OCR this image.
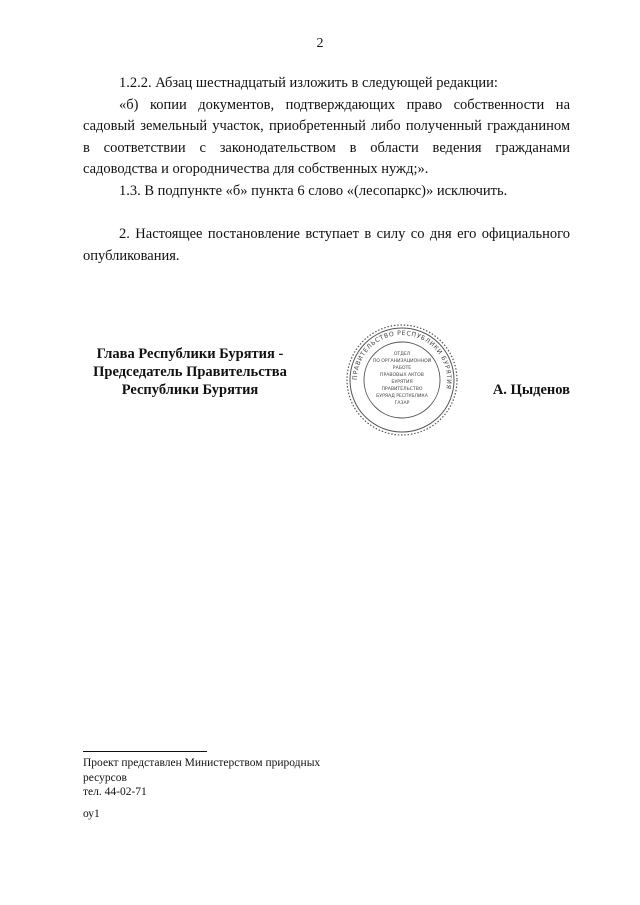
2

1.2.2. Абзац шестнадцатый изложить в следующей редакции:

«б) копии документов, подтверждающих право собственности на садовый земельный участок, приобретенный либо полученный гражданином в соответствии с законодательством в области ведения гражданами садоводства и огородничества для собственных нужд;».

1.3. В подпункте «б» пункта 6 слово «(лесопаркс)» исключить.

2. Настоящее постановление вступает в силу со дня его официального опубликования.

Глава Республики Бурятия -
Председатель Правительства
Республики Бурятия
ПРАВИТЕЛЬСТВО РЕСПУБЛИКИ БУРЯТИЯ
ОТДЕЛ
ПО ОРГАНИЗАЦИОННОЙ
РАБОТЕ
ПРАВОВЫХ АКТОВ
БУРЯТИЯ
ПРАВИТЕЛЬСТВО
БУРЯАД РЕСПУБЛИКА
ГАЗАР
А. Цыденов
Проект представлен Министерством природных
ресурсов
тел. 44-02-71
оу1
